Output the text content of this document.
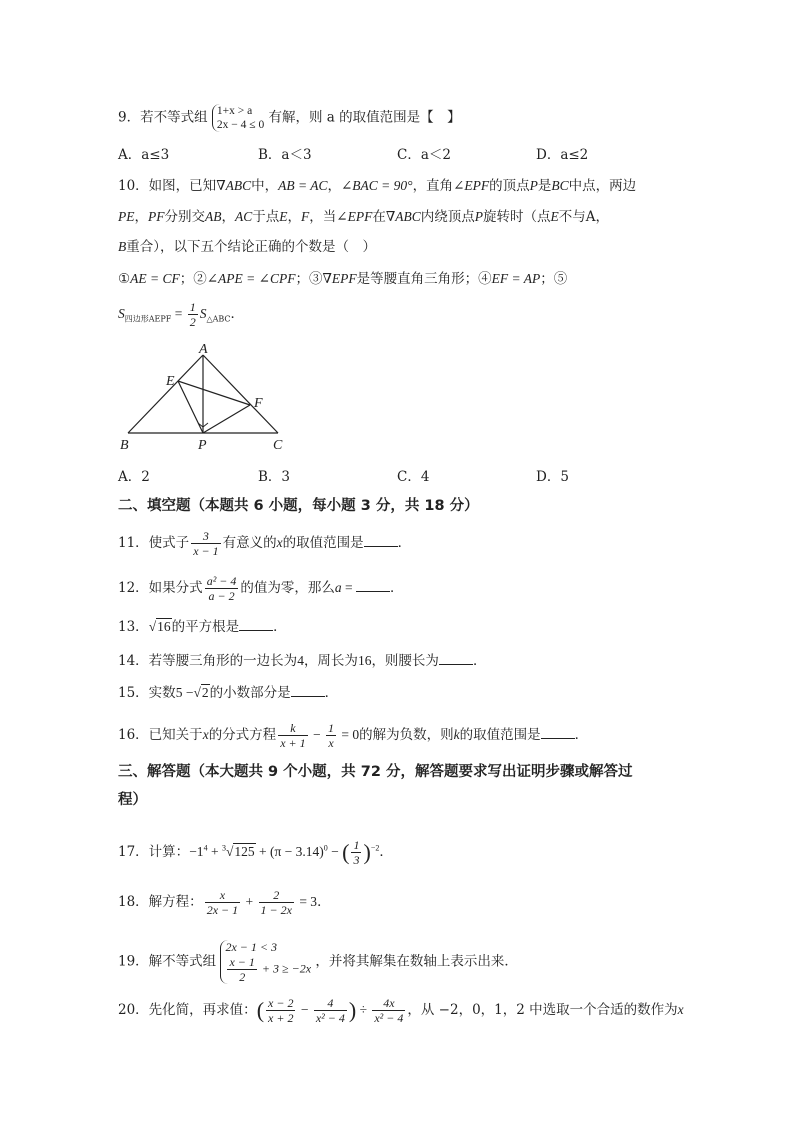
9．若不等式组 1+x > a
2x − 4 ≤ 0 有解，则 a 的取值范围是【　】
A．a≤3	B．a＜3	C．a＜2	D．a≤2
10．如图，已知∇ABC中，AB = AC，∠BAC = 90°，直角∠EPF的顶点P是BC中点，两边
PE，PF分别交AB，AC于点E，F，当∠EPF在∇ABC内绕顶点P旋转时（点E不与A，
B重合），以下五个结论正确的个数是（　）
①AE = CF；②∠APE = ∠CPF；③∇EPF是等腰直角三角形；④EF = AP；⑤
$S_{四边形AEPF} = \frac{1}{2} S_{\triangle ABC}$．
A
E
F
B	P	C
A．2	B．3	C．4	D．5
二、填空题（本题共 6 小题，每小题 3 分，共 18 分）
11．使式子 $\frac{3}{x - 1}$ 有意义的x的取值范围是	．
12．如果分式 $\frac{\text{a² − 4}}{a - 2}$ 的值为零，那么a =	．
13．√16的平方根是	．
14．若等腰三角形的一边长为4，周长为16，则腰长为	．
15．实数5 −√2的小数部分是	．
16．已知关于x的分式方程 $\frac{k}{x + 1} - \frac{1}{x} = 0$的解为负数，则k的取值范围是	．
三、解答题（本大题共 9 个小题，共 72 分，解答题要求写出证明步骤或解答过
程）
17．计算：$-1^4 + ^3√125 + (\pi - 3.14)^0$ − ( $\frac{1}{3} )^{-2}$．
18．解方程： $\frac{x}{2x - 1} + \frac{2}{1 - 2x} = 3$．
19．解不等式组
2x − 1 < 3
$\frac{x - 1}{2} + 3 \ge -2x$ ，并将其解集在数轴上表示出来．
20．先化简，再求值：( $\frac{x - 2}{x + 2} - \frac{4}{\text{x² − 4}}$ ) ÷ $\frac{4x}{\text{x² − 4}}$ ，从 −2，0，1，2 中选取一个合适的数作为x
